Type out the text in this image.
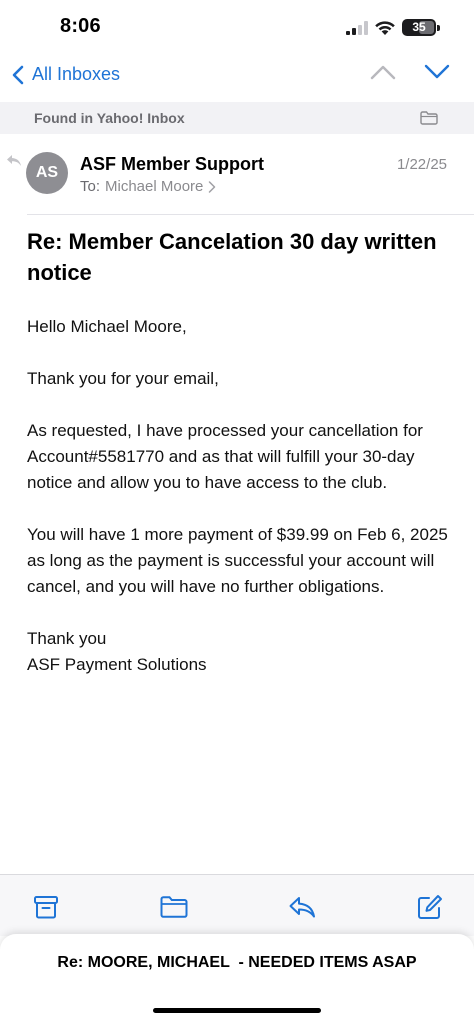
8:06	35
All Inboxes
Found in Yahoo! Inbox
AS	ASF Member Support
To: Michael Moore
1/22/25
Re: Member Cancelation 30 day written notice

Hello Michael Moore,

Thank you for your email,

As requested, I have processed your cancellation for Account#5581770 and as that will fulfill your 30-day notice and allow you to have access to the club.

You will have 1 more payment of $39.99 on Feb 6, 2025 as long as the payment is successful your account will cancel, and you will have no further obligations.

Thank you
ASF Payment Solutions

Re: MOORE, MICHAEL  - NEEDED ITEMS ASAP
